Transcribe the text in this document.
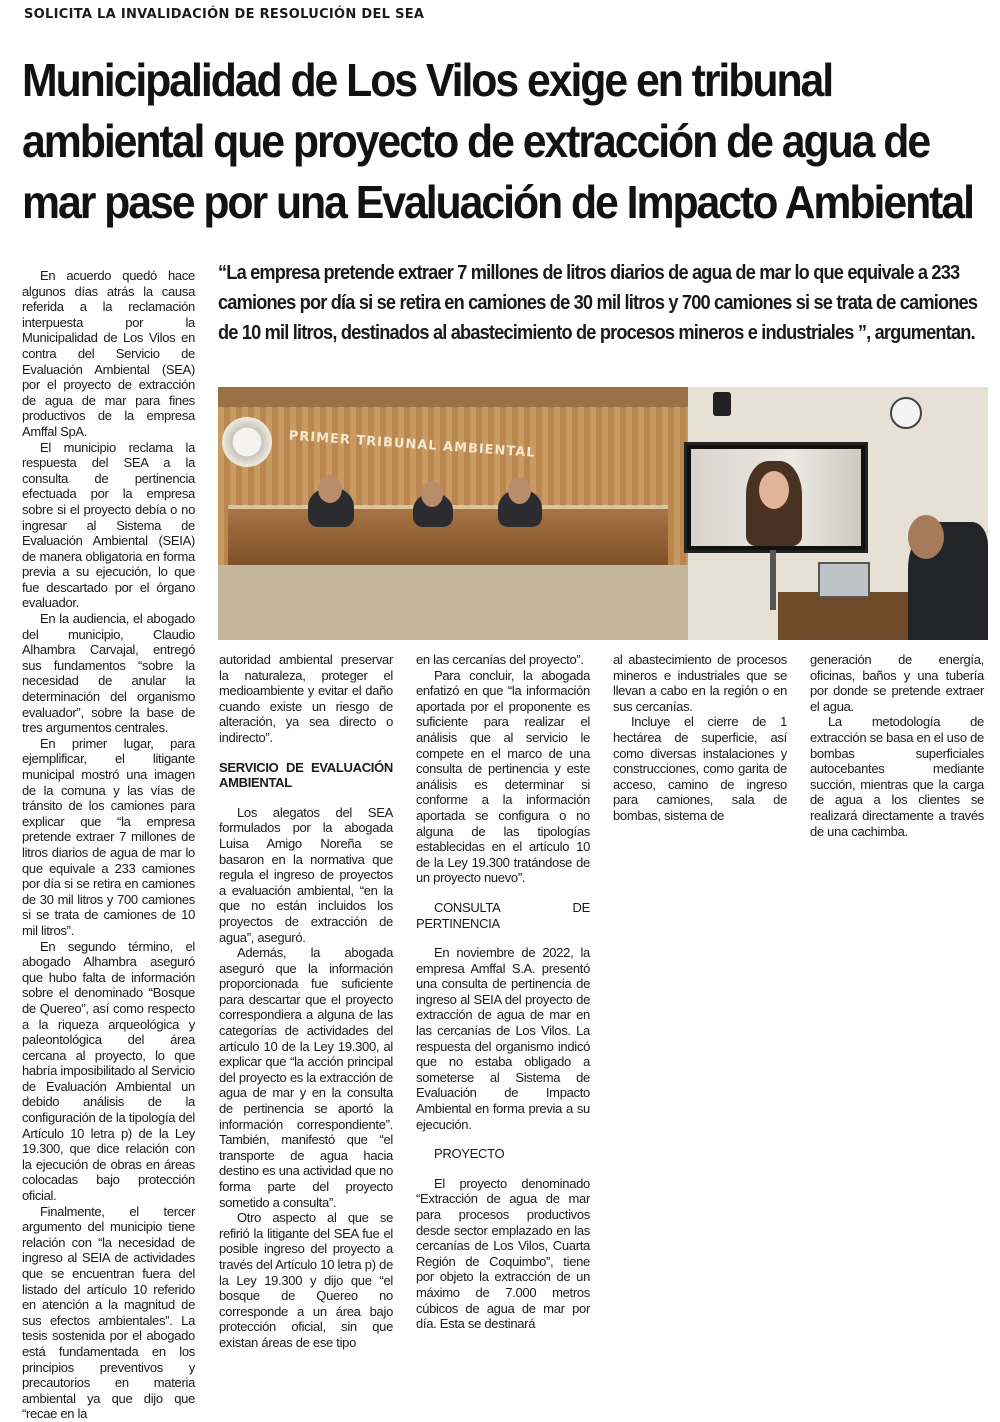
SOLICITA LA INVALIDACIÓN DE RESOLUCIÓN DEL SEA
Municipalidad de Los Vilos exige en tribunal ambiental que proyecto de extracción de agua de mar pase por una Evaluación de Impacto Ambiental

“La empresa pretende extraer 7 millones de litros diarios de agua de mar lo que equivale a 233 camiones por día si se retira en camiones de 30 mil litros y 700 camiones si se trata de camiones de 10 mil litros, destinados al abastecimiento de procesos mineros e industriales ”, argumentan.

PRIMER TRIBUNAL AMBIENTAL

En acuerdo quedó hace algunos días atrás la causa referida a la reclamación interpuesta por la Municipalidad de Los Vilos en contra del Servicio de Evaluación Ambiental (SEA) por el proyecto de extracción de agua de mar para fines productivos de la empresa Amffal SpA.

El municipio reclama la respuesta del SEA a la consulta de pertinencia efectuada por la empresa sobre si el proyecto debía o no ingresar al Sistema de Evaluación Ambiental (SEIA) de manera obligatoria en forma previa a su ejecución, lo que fue descartado por el órgano evaluador.

En la audiencia, el abogado del municipio, Claudio Alhambra Carvajal, entregó sus fundamentos “sobre la necesidad de anular la determinación del organismo evaluador”, sobre la base de tres argumentos centrales.

En primer lugar, para ejemplificar, el litigante municipal mostró una imagen de la comuna y las vías de tránsito de los camiones para explicar que “la empresa pretende extraer 7 millones de litros diarios de agua de mar lo que equivale a 233 camiones por día si se retira en camiones de 30 mil litros y 700 camiones si se trata de camiones de 10 mil litros”.

En segundo término, el abogado Alhambra aseguró que hubo falta de información sobre el denominado “Bosque de Quereo”, así como respecto a la riqueza arqueológica y paleontológica del área cercana al proyecto, lo que habría imposibilitado al Servicio de Evaluación Ambiental un debido análisis de la configuración de la tipología del Artículo 10 letra p) de la Ley 19.300, que dice relación con la ejecución de obras en áreas colocadas bajo protección oficial.

Finalmente, el tercer argumento del municipio tiene relación con “la necesidad de ingreso al SEIA de actividades que se encuentran fuera del listado del artículo 10 referido en atención a la magnitud de sus efectos ambientales”. La tesis sostenida por el abogado está fundamentada en los principios preventivos y precautorios en materia ambiental ya que dijo que “recae en la

autoridad ambiental preservar la naturaleza, proteger el medioambiente y evitar el daño cuando existe un riesgo de alteración, ya sea directo o indirecto”.

SERVICIO DE EVALUACIÓN AMBIENTAL

Los alegatos del SEA formulados por la abogada Luisa Amigo Noreña se basaron en la normativa que regula el ingreso de proyectos a evaluación ambiental, “en la que no están incluidos los proyectos de extracción de agua”, aseguró.

Además, la abogada aseguró que la información proporcionada fue suficiente para descartar que el proyecto correspondiera a alguna de las categorías de actividades del artículo 10 de la Ley 19.300, al explicar que “la acción principal del proyecto es la extracción de agua de mar y en la consulta de pertinencia se aportó la información correspondiente”. También, manifestó que “el transporte de agua hacia destino es una actividad que no forma parte del proyecto sometido a consulta”.

Otro aspecto al que se refirió la litigante del SEA fue el posible ingreso del proyecto a través del Artículo 10 letra p) de la Ley 19.300 y dijo que “el bosque de Quereo no corresponde a un área bajo protección oficial, sin que existan áreas de ese tipo

en las cercanías del proyecto”.

Para concluir, la abogada enfatizó en que “la información aportada por el proponente es suficiente para realizar el análisis que al servicio le compete en el marco de una consulta de pertinencia y este análisis es determinar si conforme a la información aportada se configura o no alguna de las tipologías establecidas en el artículo 10 de la Ley 19.300 tratándose de un proyecto nuevo”.

CONSULTA DE PERTINENCIA

En noviembre de 2022, la empresa Amffal S.A. presentó una consulta de pertinencia de ingreso al SEIA del proyecto de extracción de agua de mar en las cercanías de Los Vilos. La respuesta del organismo indicó que no estaba obligado a someterse al Sistema de Evaluación de Impacto Ambiental en forma previa a su ejecución.

PROYECTO

El proyecto denominado “Extracción de agua de mar para procesos productivos desde sector emplazado en las cercanías de Los Vilos, Cuarta Región de Coquimbo”, tiene por objeto la extracción de un máximo de 7.000 metros cúbicos de agua de mar por día. Esta se destinará

al abastecimiento de procesos mineros e industriales que se llevan a cabo en la región o en sus cercanías.

Incluye el cierre de 1 hectárea de superficie, así como diversas instalaciones y construcciones, como garita de acceso, camino de ingreso para camiones, sala de bombas, sistema de

generación de energía, oficinas, baños y una tubería por donde se pretende extraer el agua.

La metodología de extracción se basa en el uso de bombas superficiales autocebantes mediante succión, mientras que la carga de agua a los clientes se realizará directamente a través de una cachimba.
